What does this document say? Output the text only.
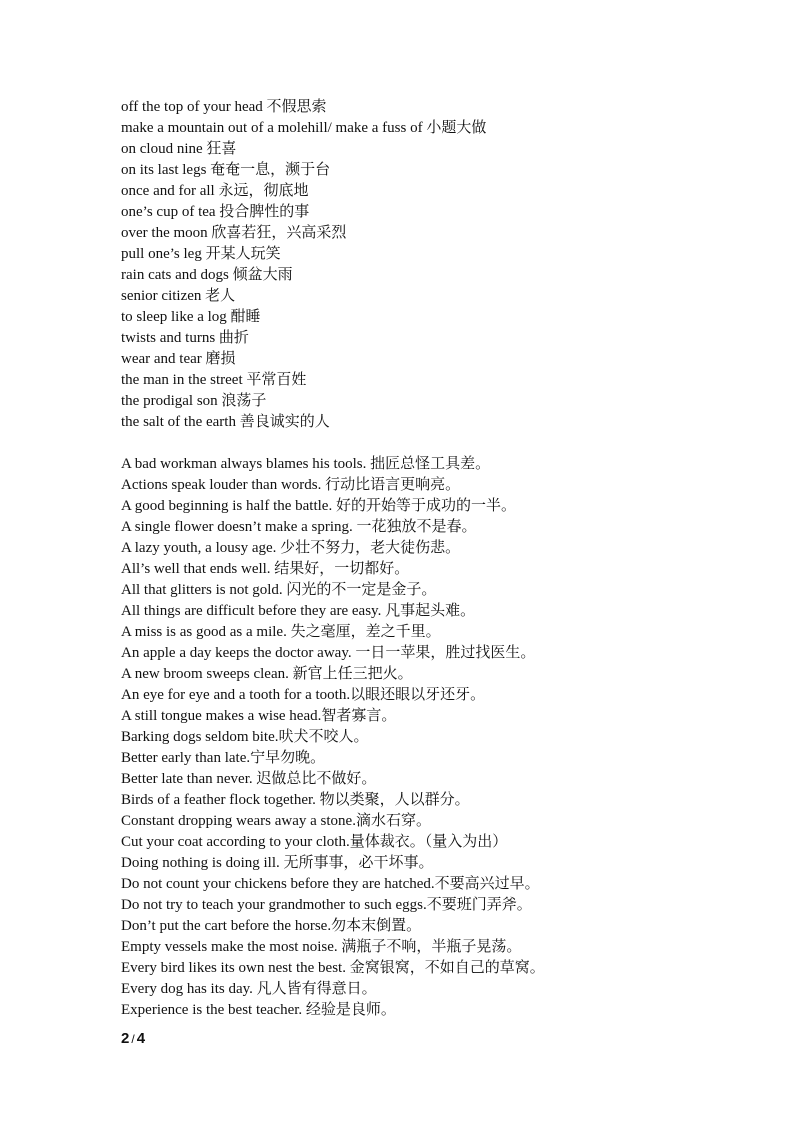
off the top of your head 不假思索
make a mountain out of a molehill/ make a fuss of 小题大做
on cloud nine 狂喜
on its last legs 奄奄一息，濒于台
once and for all 永远，彻底地
one’s cup of tea 投合脾性的事
over the moon 欣喜若狂，兴高采烈
pull one’s leg 开某人玩笑
rain cats and dogs 倾盆大雨
senior citizen 老人
to sleep like a log 酣睡
twists and turns 曲折
wear and tear 磨损
the man in the street 平常百姓
the prodigal son 浪荡子
the salt of the earth 善良诚实的人
A bad workman always blames his tools. 拙匠总怪工具差。
Actions speak louder than words. 行动比语言更响亮。
A good beginning is half the battle. 好的开始等于成功的一半。
A single flower doesn’t make a spring. 一花独放不是春。
A lazy youth, a lousy age. 少壮不努力，老大徒伤悲。
All’s well that ends well. 结果好，一切都好。
All that glitters is not gold. 闪光的不一定是金子。
All things are difficult before they are easy. 凡事起头难。
A miss is as good as a mile. 失之毫厘，差之千里。
An apple a day keeps the doctor away. 一日一苹果，胜过找医生。
A new broom sweeps clean. 新官上任三把火。
An eye for eye and a tooth for a tooth.以眼还眼以牙还牙。
A still tongue makes a wise head.智者寡言。
Barking dogs seldom bite.吠犬不咬人。
Better early than late.宁早勿晚。
Better late than never. 迟做总比不做好。
Birds of a feather flock together. 物以类聚，人以群分。
Constant dropping wears away a stone.滴水石穿。
Cut your coat according to your cloth.量体裁衣。（量入为出）
Doing nothing is doing ill. 无所事事，必干坏事。
Do not count your chickens before they are hatched.不要高兴过早。
Do not try to teach your grandmother to such eggs.不要班门弄斧。
Don’t put the cart before the horse.勿本末倒置。
Empty vessels make the most noise. 满瓶子不响，半瓶子晃荡。
Every bird likes its own nest the best. 金窝银窝，不如自己的草窝。
Every dog has its day. 凡人皆有得意日。
Experience is the best teacher. 经验是良师。
2 / 4
